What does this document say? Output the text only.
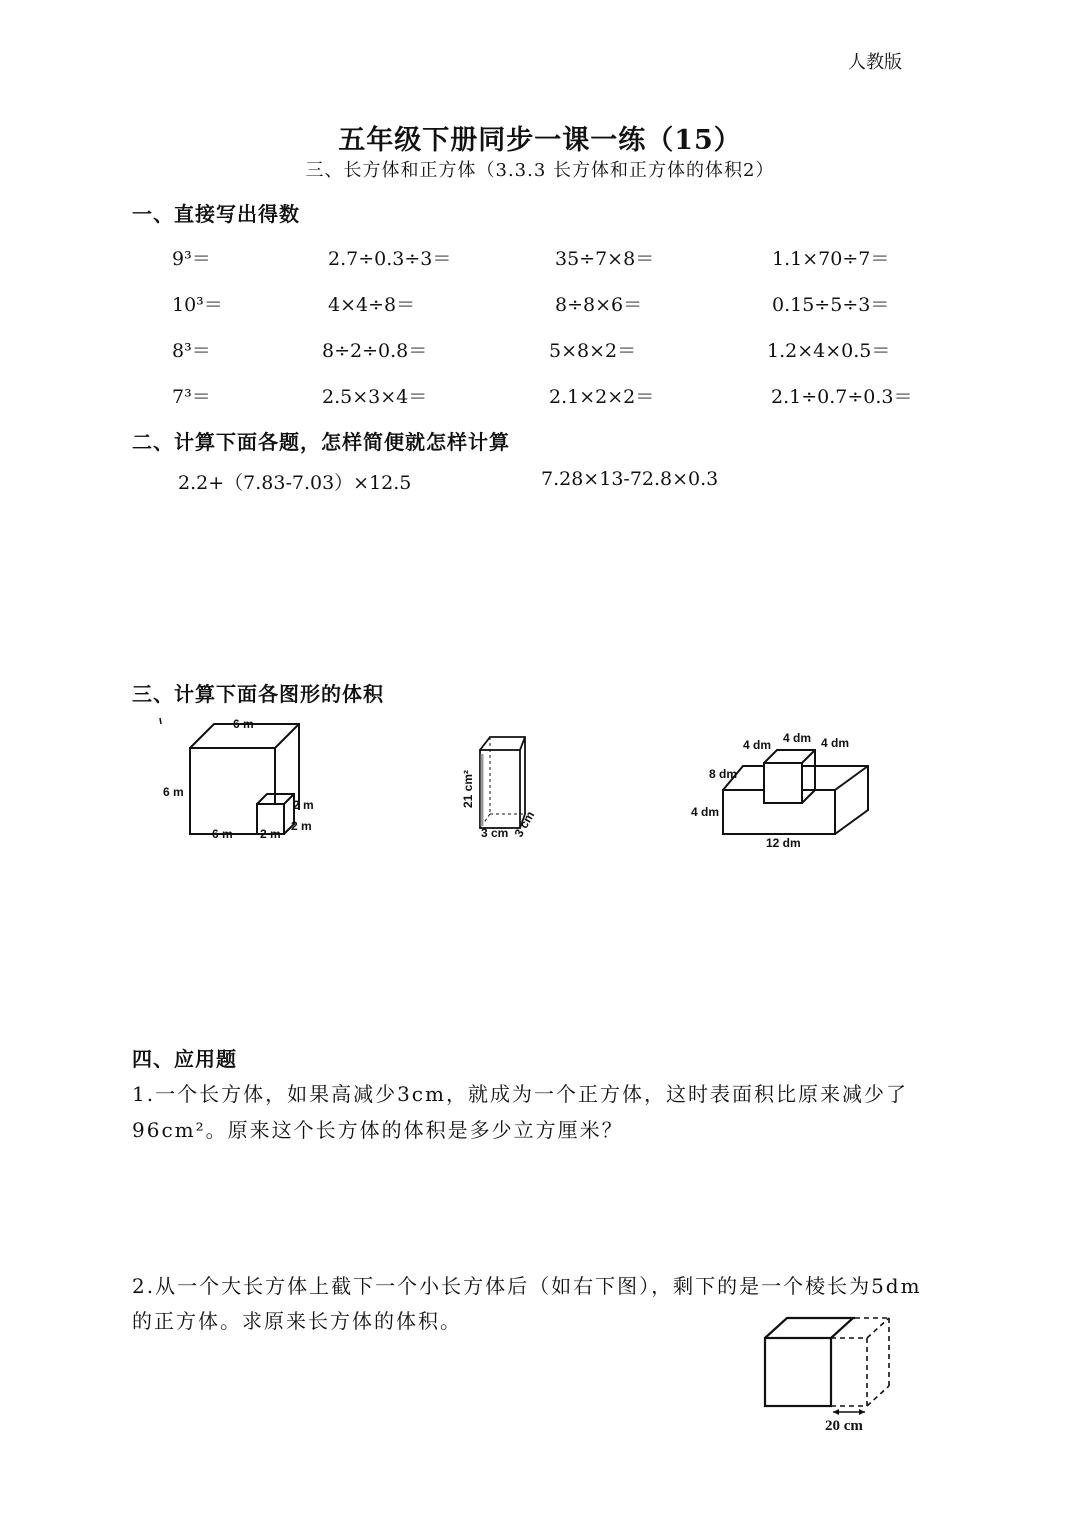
人教版
五年级下册同步一课一练（15）
三、长方体和正方体（3.3.3 长方体和正方体的体积2）
一、直接写出得数
9³＝	2.7÷0.3÷3＝	35÷7×8＝	1.1×70÷7＝
10³＝	4×4÷8＝	8÷8×6＝	0.15÷5÷3＝
8³＝	8÷2÷0.8＝	5×8×2＝	1.2×4×0.5＝
7³＝	2.5×3×4＝	2.1×2×2＝	2.1÷0.7÷0.3＝
二、计算下面各题，怎样简便就怎样计算
2.2+（7.83-7.03）×12.5	7.28×13-72.8×0.3
三、计算下面各图形的体积
6 m
6 m
6 m 2 m
2 m
2 m
21 cm²
3 cm 3 cm
4 dm 4 dm 4 dm
8 dm
4 dm
12 dm
四、应用题
1.一个长方体，如果高减少3cm，就成为一个正方体，这时表面积比原来减少了
96cm²。原来这个长方体的体积是多少立方厘米？
2.从一个大长方体上截下一个小长方体后（如右下图），剩下的是一个棱长为5dm
的正方体。求原来长方体的体积。
20 cm
